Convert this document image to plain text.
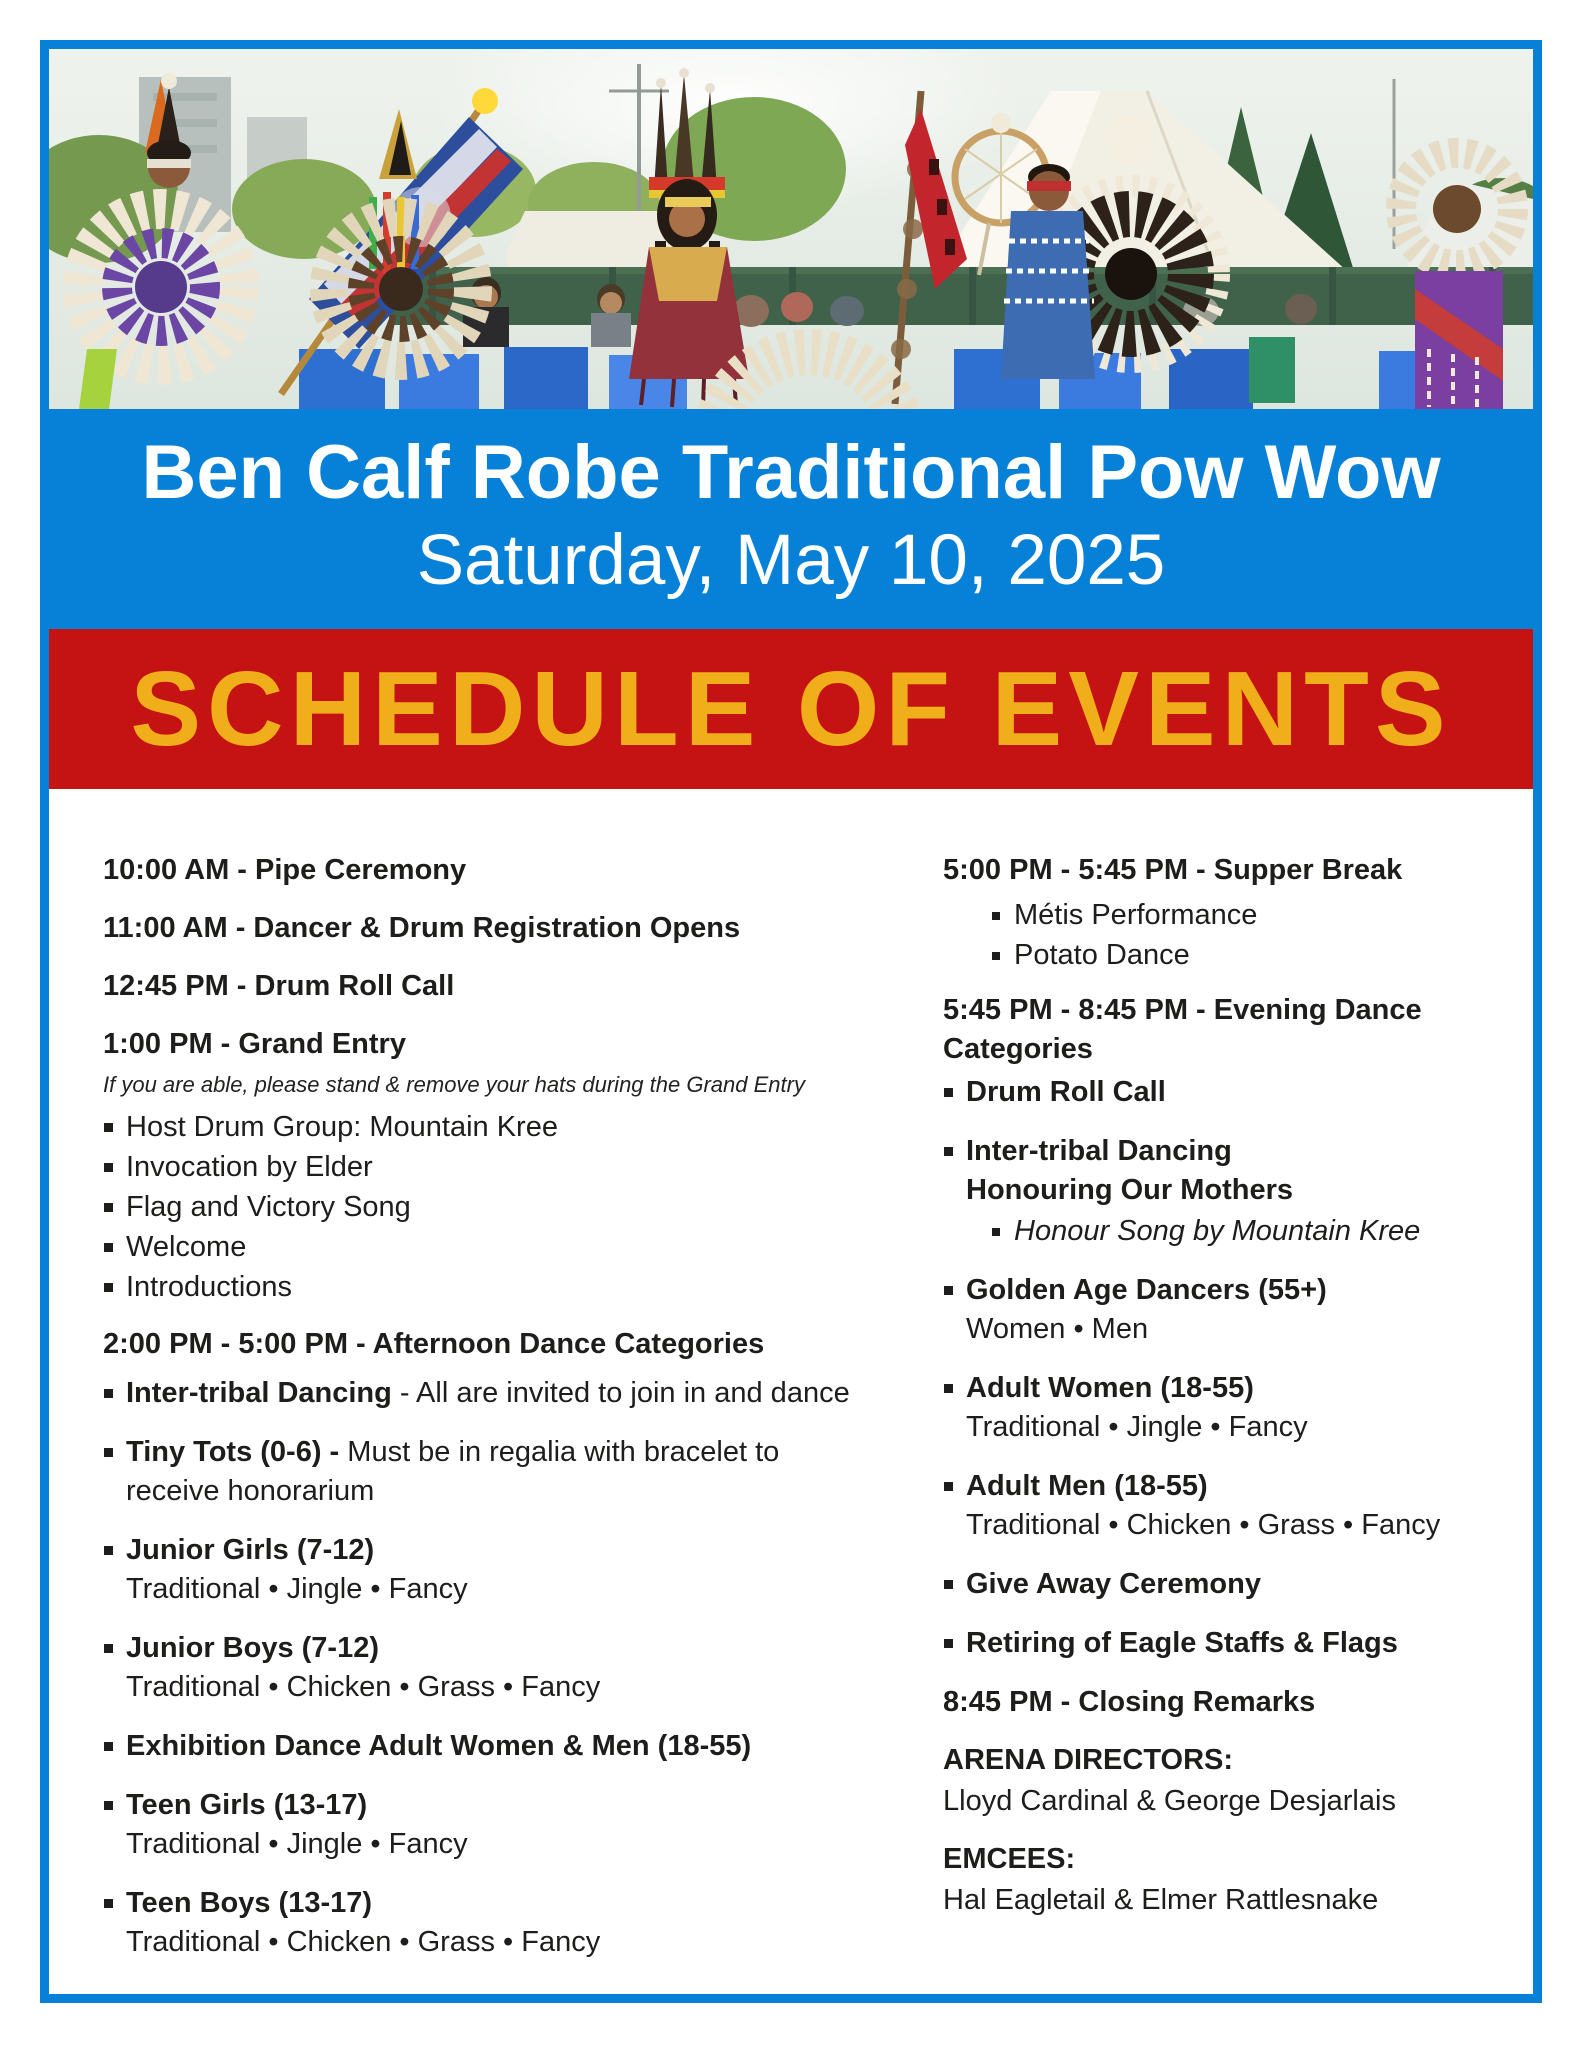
Ben Calf Robe Traditional Pow Wow
Saturday, May 10, 2025
SCHEDULE OF EVENTS
10:00 AM - Pipe Ceremony
11:00 AM - Dancer & Drum Registration Opens
12:45 PM - Drum Roll Call
1:00 PM - Grand Entry
If you are able, please stand & remove your hats during the Grand Entry
Host Drum Group: Mountain Kree
Invocation by Elder
Flag and Victory Song
Welcome
Introductions
2:00 PM - 5:00 PM - Afternoon Dance Categories
Inter-tribal Dancing - All are invited to join in and dance
Tiny Tots (0-6) - Must be in regalia with bracelet to receive honorarium
Junior Girls (7-12)
Traditional • Jingle • Fancy
Junior Boys (7-12)
Traditional • Chicken • Grass • Fancy
Exhibition Dance Adult Women & Men (18-55)
Teen Girls (13-17)
Traditional • Jingle • Fancy
Teen Boys (13-17)
Traditional • Chicken • Grass • Fancy
5:00 PM - 5:45 PM - Supper Break
Métis Performance
Potato Dance
5:45 PM - 8:45 PM - Evening Dance Categories
Drum Roll Call
Inter-tribal Dancing
Honouring Our Mothers
Honour Song by Mountain Kree
Golden Age Dancers (55+)
Women • Men
Adult Women (18-55)
Traditional • Jingle • Fancy
Adult Men (18-55)
Traditional • Chicken • Grass • Fancy
Give Away Ceremony
Retiring of Eagle Staffs & Flags
8:45 PM - Closing Remarks
ARENA DIRECTORS:
Lloyd Cardinal & George Desjarlais
EMCEES:
Hal Eagletail & Elmer Rattlesnake
